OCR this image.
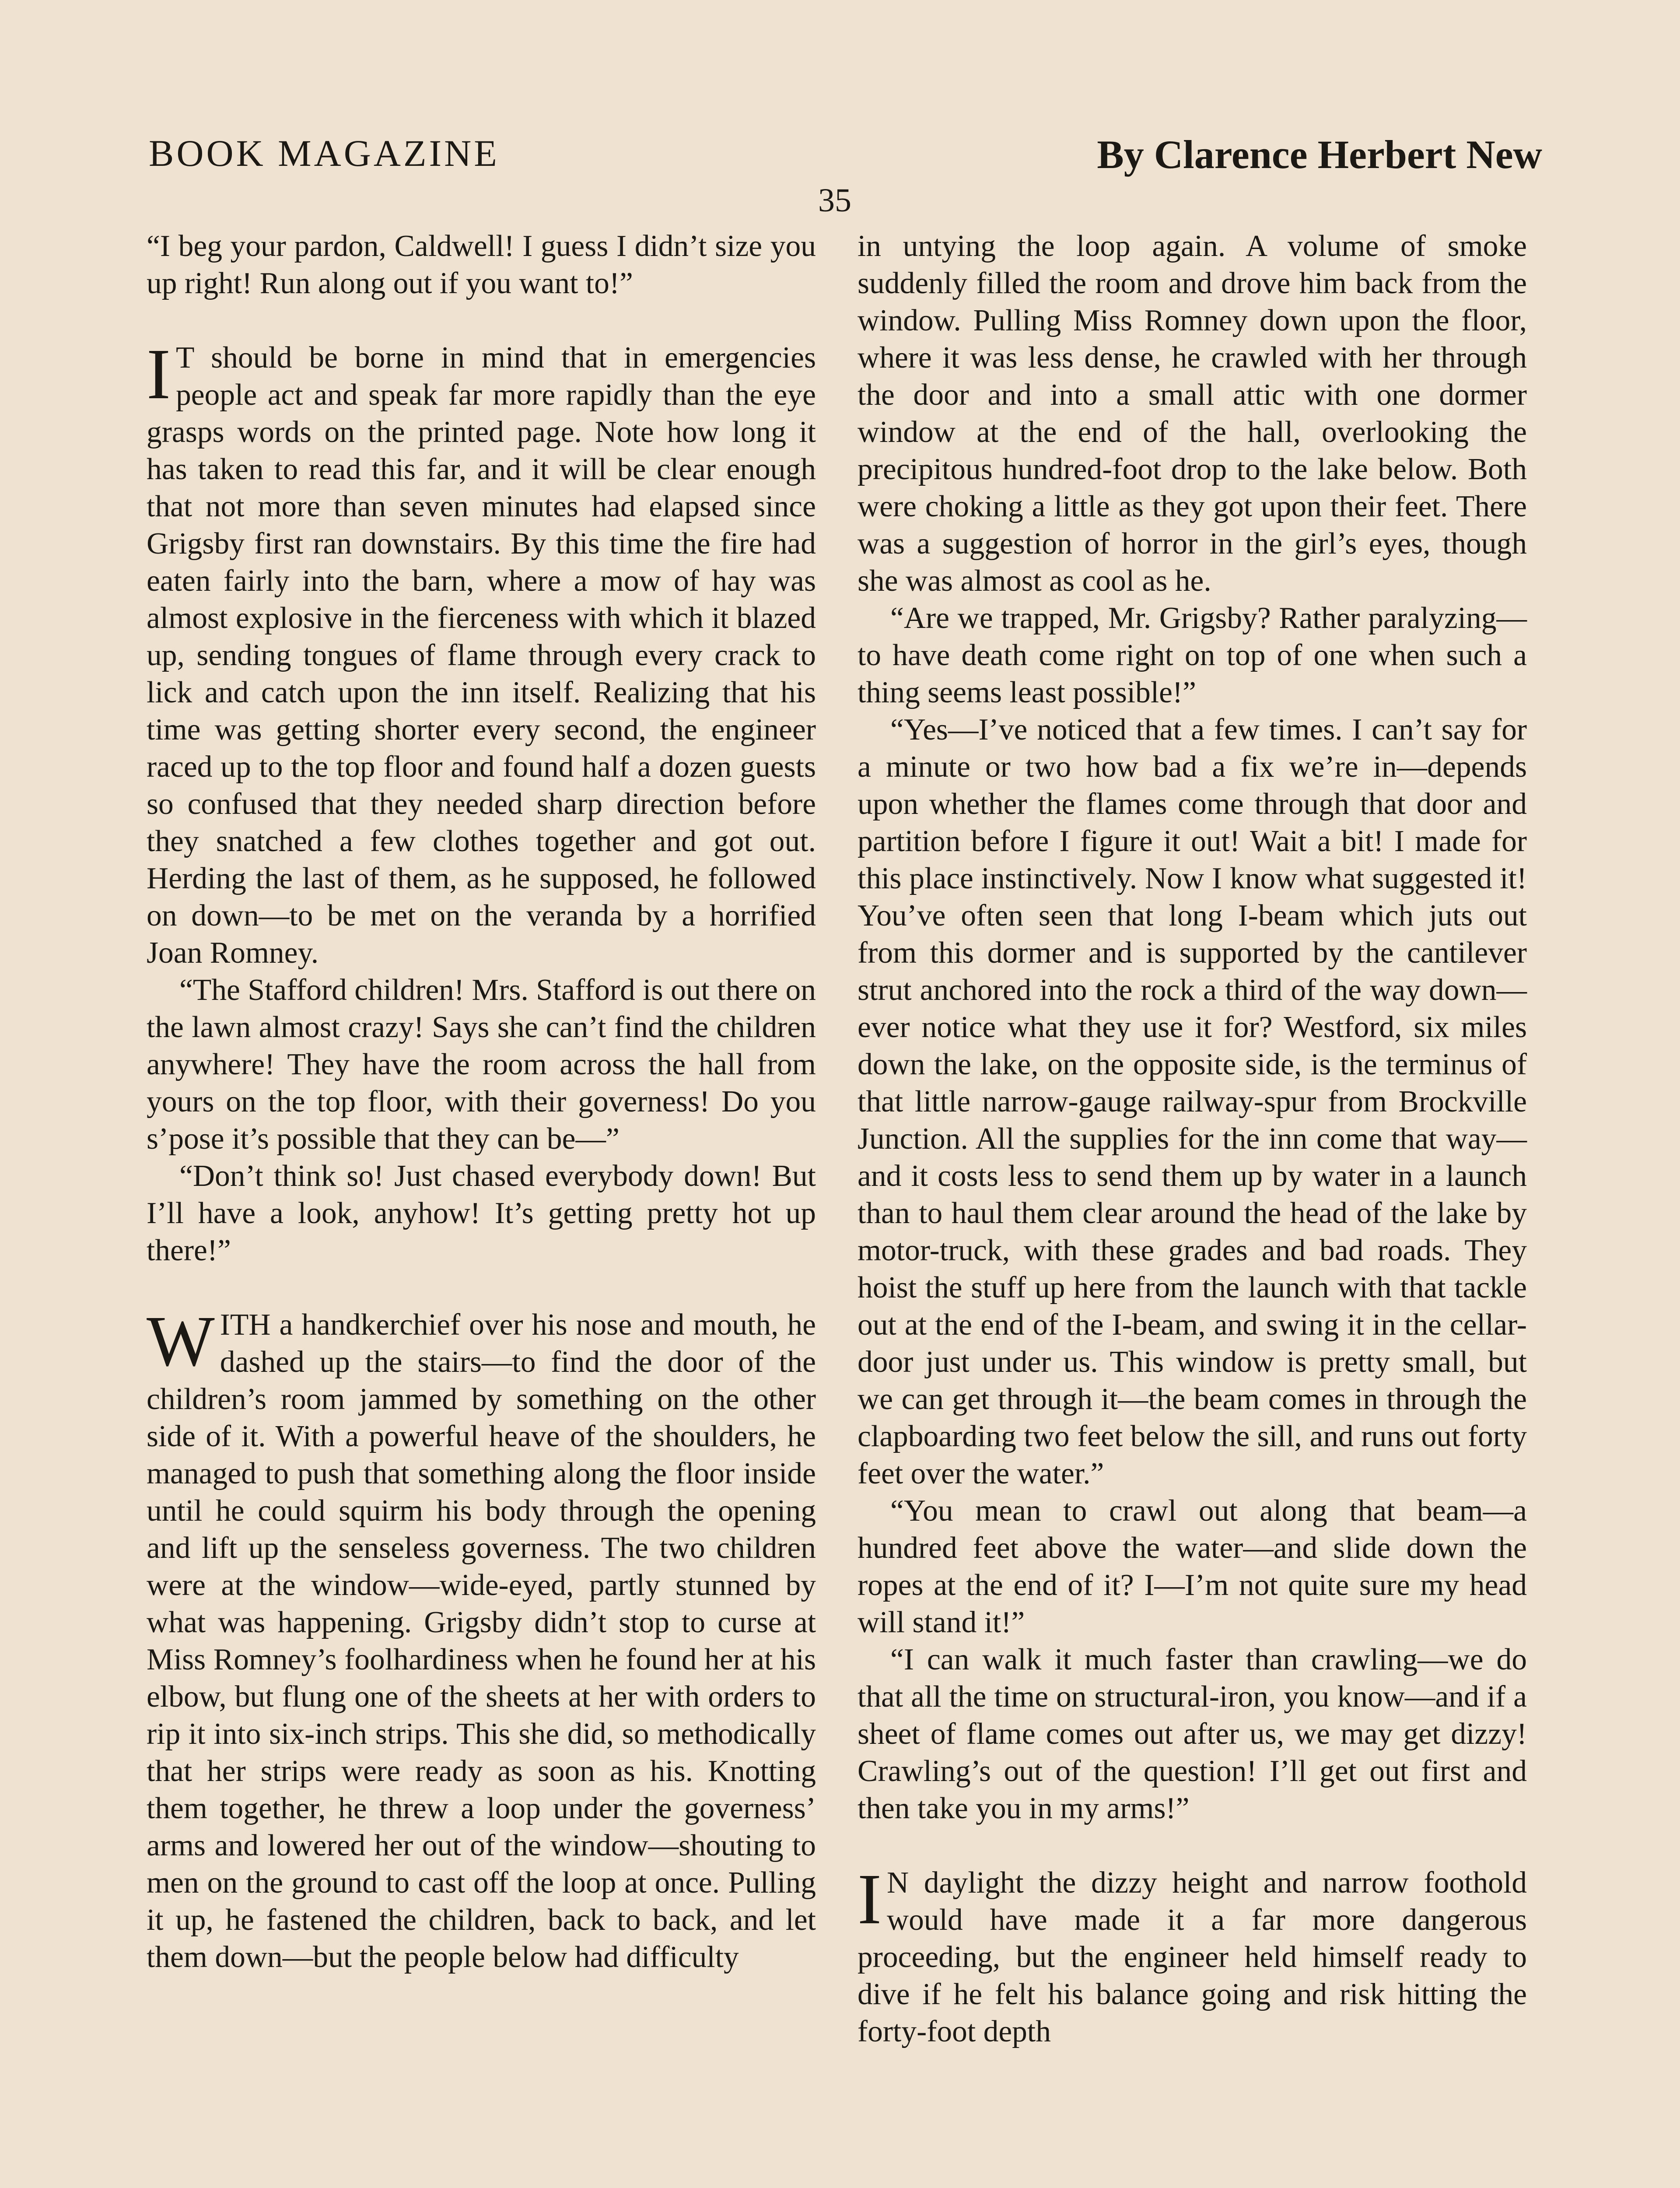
BOOK MAGAZINE	By Clarence Herbert New
35

“I beg your pardon, Caldwell! I guess I didn’t size you up right! Run along out if you want to!”

I T should be borne in mind that in emergencies people act and speak far more rapidly than the eye grasps words on the printed page. Note how long it has taken to read this far, and it will be clear enough that not more than seven minutes had elapsed since Grigsby first ran downstairs. By this time the fire had eaten fairly into the barn, where a mow of hay was almost explosive in the fierceness with which it blazed up, sending tongues of flame through every crack to lick and catch upon the inn itself. Realizing that his time was getting shorter every second, the engineer raced up to the top floor and found half a dozen guests so confused that they needed sharp direction before they snatched a few clothes together and got out. Herding the last of them, as he supposed, he followed on down—to be met on the veranda by a horrified Joan Romney.

“The Stafford children! Mrs. Stafford is out there on the lawn almost crazy! Says she can’t find the children anywhere! They have the room across the hall from yours on the top floor, with their governess! Do you s’pose it’s possible that they can be—”

“Don’t think so! Just chased everybody down! But I’ll have a look, anyhow! It’s getting pretty hot up there!”

WITH a handkerchief over his nose and mouth, he dashed up the stairs—to find the door of the children’s room jammed by something on the other side of it. With a powerful heave of the shoulders, he managed to push that something along the floor inside until he could squirm his body through the opening and lift up the senseless governess. The two children were at the window—wide-eyed, partly stunned by what was happening. Grigsby didn’t stop to curse at Miss Romney’s foolhardiness when he found her at his elbow, but flung one of the sheets at her with orders to rip it into six-inch strips. This she did, so methodically that her strips were ready as soon as his. Knotting them together, he threw a loop under the governess’ arms and lowered her out of the window—shouting to men on the ground to cast off the loop at once. Pulling it up, he fastened the children, back to back, and let them down—but the people below had difficulty

in untying the loop again. A volume of smoke suddenly filled the room and drove him back from the window. Pulling Miss Romney down upon the floor, where it was less dense, he crawled with her through the door and into a small attic with one dormer window at the end of the hall, overlooking the precipitous hundred-foot drop to the lake below. Both were choking a little as they got upon their feet. There was a suggestion of horror in the girl’s eyes, though she was almost as cool as he.

“Are we trapped, Mr. Grigsby? Rather paralyzing—to have death come right on top of one when such a thing seems least possible!”

“Yes—I’ve noticed that a few times. I can’t say for a minute or two how bad a fix we’re in—depends upon whether the flames come through that door and partition before I figure it out! Wait a bit! I made for this place instinctively. Now I know what suggested it! You’ve often seen that long I-beam which juts out from this dormer and is supported by the cantilever strut anchored into the rock a third of the way down—ever notice what they use it for? Westford, six miles down the lake, on the opposite side, is the terminus of that little narrow-gauge railway-spur from Brockville Junction. All the supplies for the inn come that way—and it costs less to send them up by water in a launch than to haul them clear around the head of the lake by motor-truck, with these grades and bad roads. They hoist the stuff up here from the launch with that tackle out at the end of the I-beam, and swing it in the cellar-door just under us. This window is pretty small, but we can get through it—the beam comes in through the clapboarding two feet below the sill, and runs out forty feet over the water.”

“You mean to crawl out along that beam—a hundred feet above the water—and slide down the ropes at the end of it? I—I’m not quite sure my head will stand it!”

“I can walk it much faster than crawling—we do that all the time on structural-iron, you know—and if a sheet of flame comes out after us, we may get dizzy! Crawling’s out of the question! I’ll get out first and then take you in my arms!”

I N daylight the dizzy height and narrow foothold would have made it a far more dangerous proceeding, but the engineer held himself ready to dive if he felt his balance going and risk hitting the forty-foot depth
